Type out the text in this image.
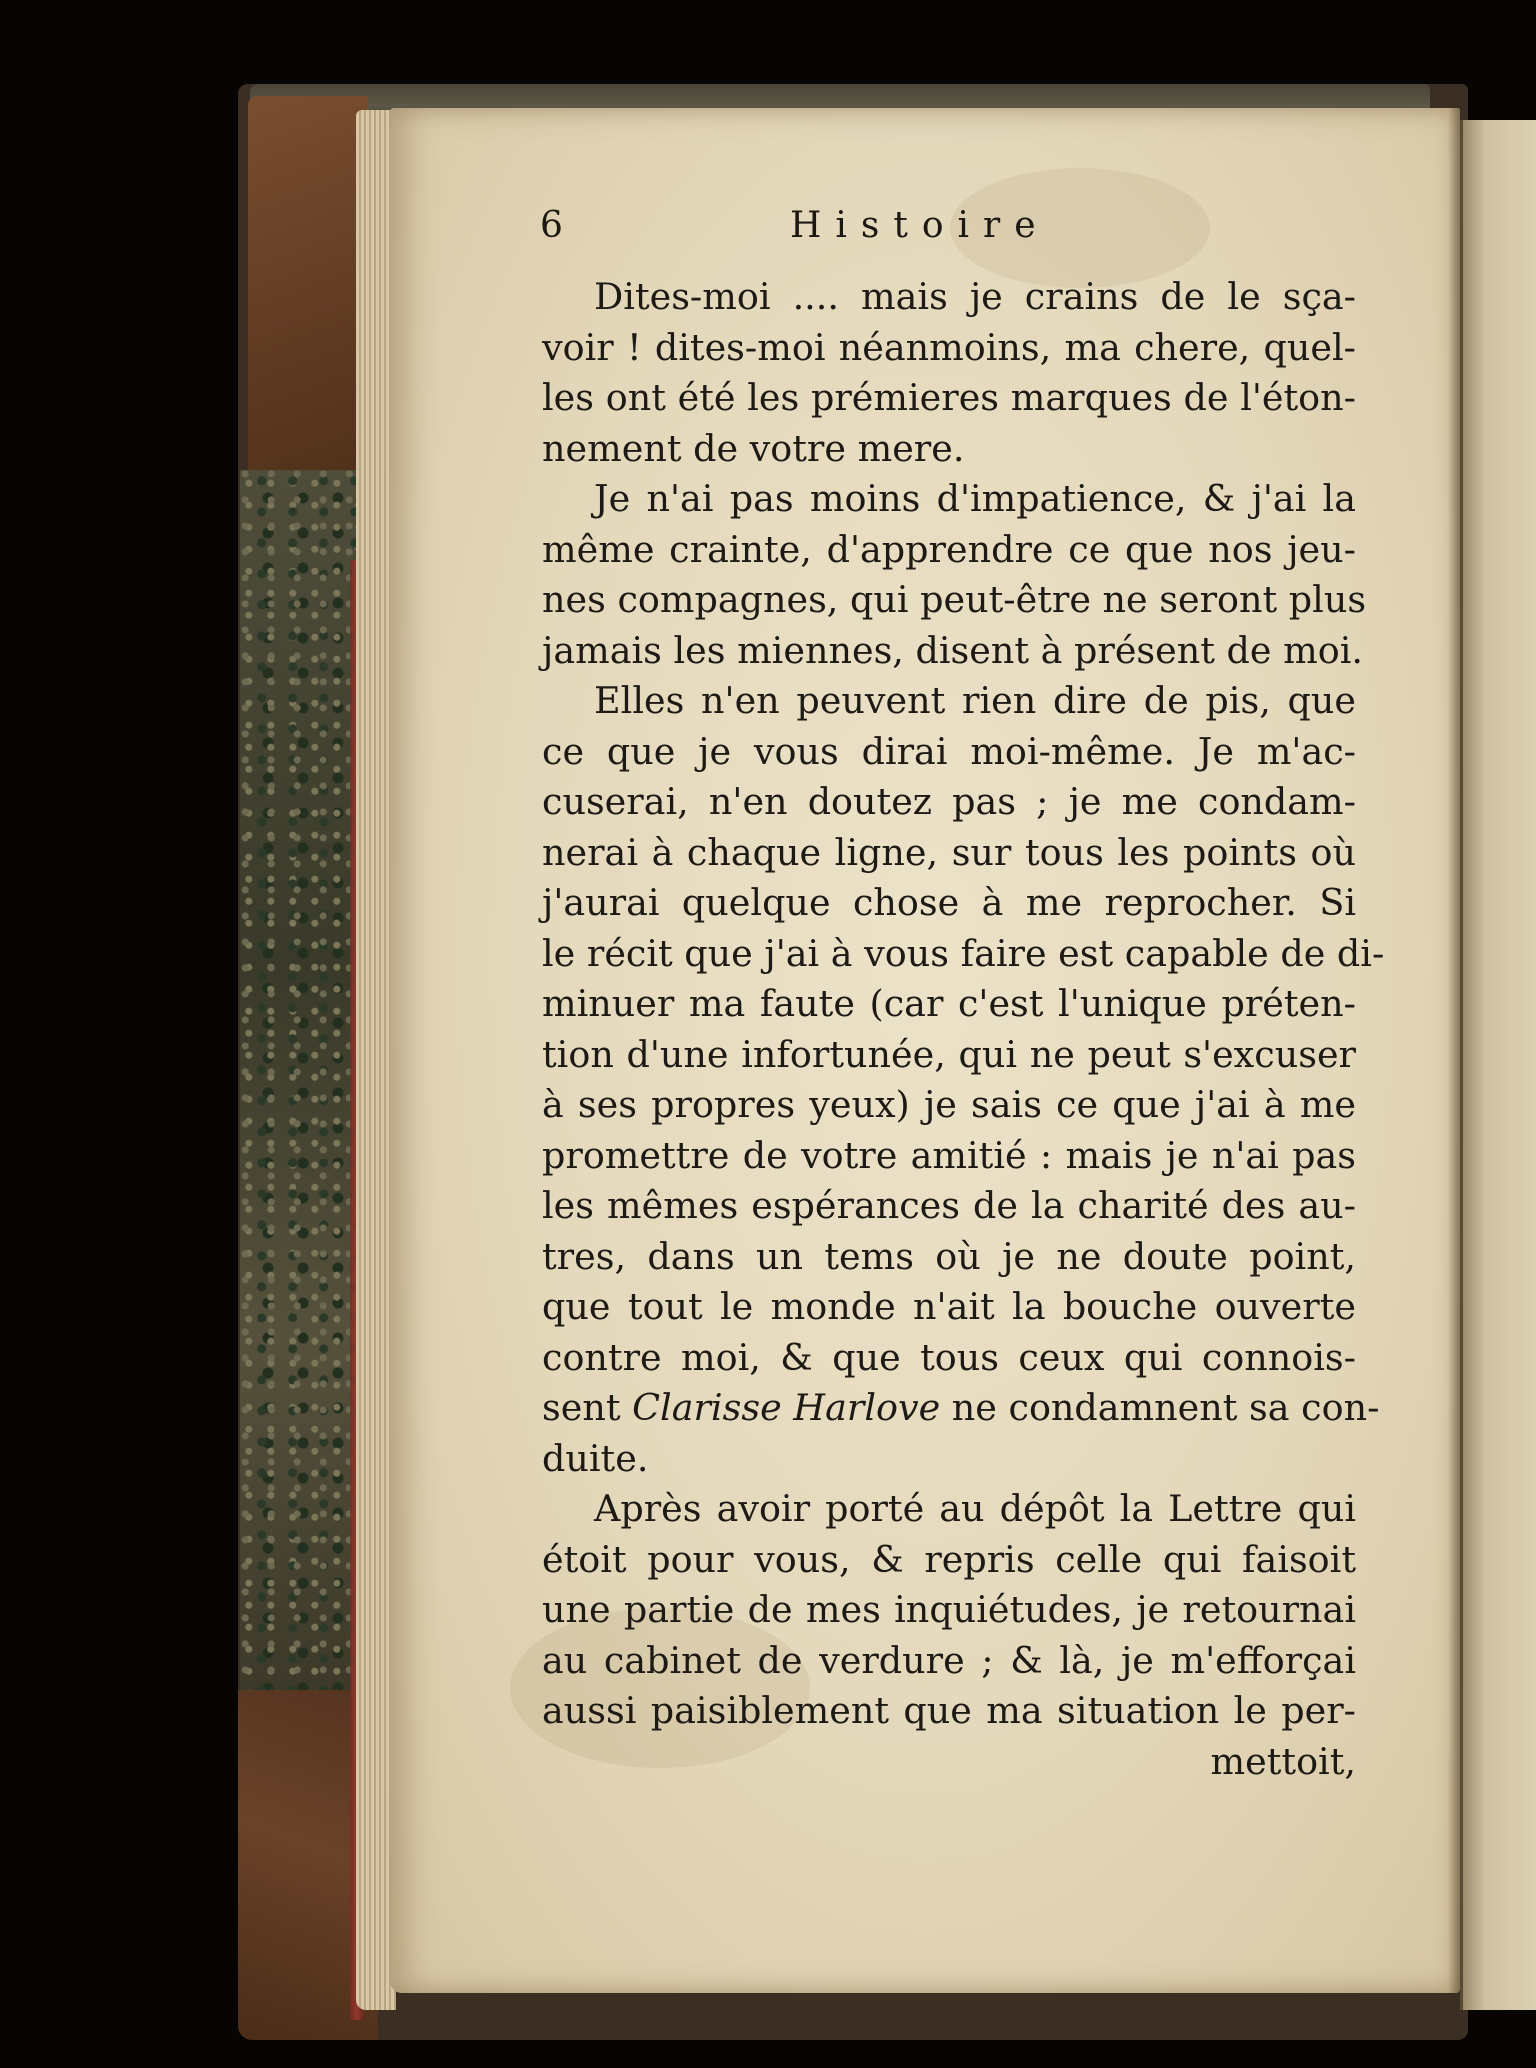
6	Histoire
Dites-moi .... mais je crains de le sça-
voir ! dites-moi néanmoins, ma chere, quel-
les ont été les prémieres marques de l'éton-
nement de votre mere.
Je n'ai pas moins d'impatience, & j'ai la
même crainte, d'apprendre ce que nos jeu-
nes compagnes, qui peut-être ne seront plus
jamais les miennes, disent à présent de moi.
Elles n'en peuvent rien dire de pis, que
ce que je vous dirai moi-même. Je m'ac-
cuserai, n'en doutez pas ; je me condam-
nerai à chaque ligne, sur tous les points où
j'aurai quelque chose à me reprocher. Si
le récit que j'ai à vous faire est capable de di-
minuer ma faute (car c'est l'unique préten-
tion d'une infortunée, qui ne peut s'excuser
à ses propres yeux) je sais ce que j'ai à me
promettre de votre amitié : mais je n'ai pas
les mêmes espérances de la charité des au-
tres, dans un tems où je ne doute point,
que tout le monde n'ait la bouche ouverte
contre moi, & que tous ceux qui connois-
sent Clarisse Harlove ne condamnent sa con-
duite.
Après avoir porté au dépôt la Lettre qui
étoit pour vous, & repris celle qui faisoit
une partie de mes inquiétudes, je retournai
au cabinet de verdure ; & là, je m'efforçai
aussi paisiblement que ma situation le per-
mettoit,
